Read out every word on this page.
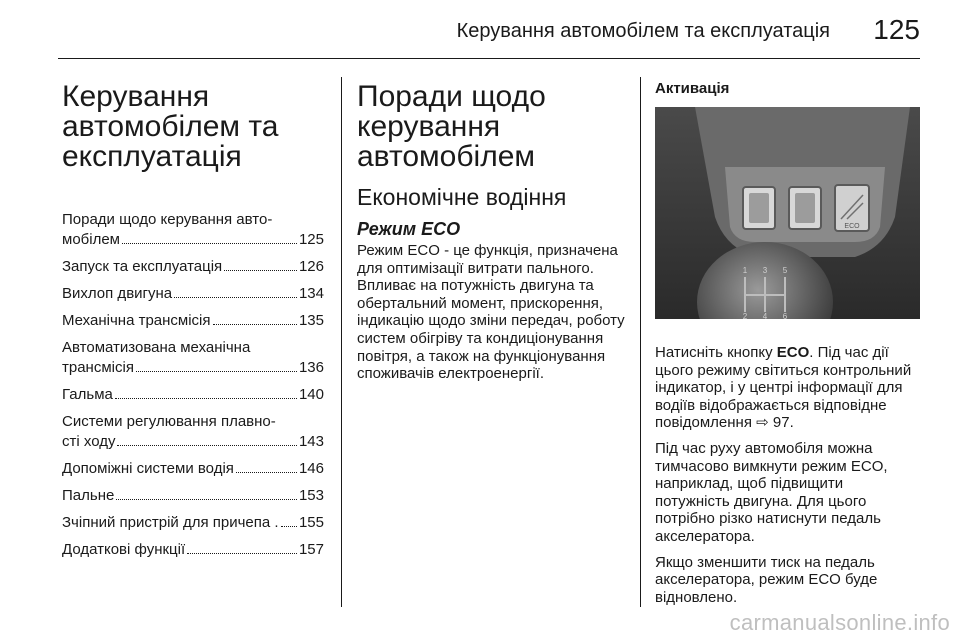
Керування автомобілем та експлуатація 125
Керування автомобілем та експлуатація
Поради щодо керування авто-
мобілем	125
Запуск та експлуатація	126
Вихлоп двигуна	134
Механічна трансмісія	135
Автоматизована механічна
трансмісія	136
Гальма	140
Системи регулювання плавно-
сті ходу	143
Допоміжні системи водія	146
Пальне	153
Зчіпний пристрій для причепа . 155
Додаткові функції	157
Поради щодо керування автомобілем
Економічне водіння
Режим ECO

Режим ECO - це функція, призначена для оптимізації витрати пального. Впливає на потужність двигуна та обертальний момент, прискорення, індикацію щодо зміни передач, роботу систем обігріву та кондиціонування повітря, а також на функціонування споживачів електроенергії.

Активація
ECO
1 3 5
2 4 6

Натисніть кнопку ECO. Під час дії цього режиму світиться контрольний індикатор, і у центрі інформації для водіїв відображається відповідне повідомлення ⇨ 97.

Під час руху автомобіля можна тимчасово вимкнути режим ECO, наприклад, щоб підвищити потужність двигуна. Для цього потрібно різко натиснути педаль акселератора.

Якщо зменшити тиск на педаль акселератора, режим ECO буде відновлено.

carmanualsonline.info
